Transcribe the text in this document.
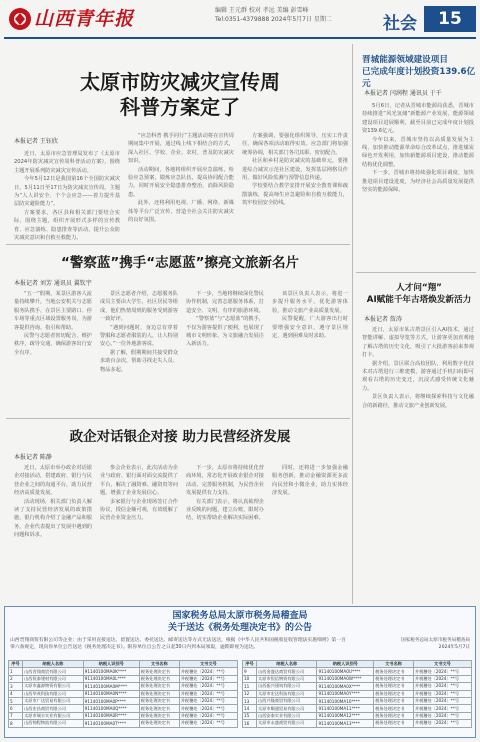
山西青年报	编辑 王元群 校对 孝远 美编 彭雪峰
Tel:0351-4379888 2024年5月7日 星期二	社会	15
太原市防灾减灾宣传周
科普方案定了
本报记者 王钰欣

近日，太原市应急管理局发布了《太原市2024年防灾减灾宣传周科普活动方案》，围绕主题开展系列防灾减灾宣传活动。

今年5月12日是我国第16个全国防灾减灾日，5月11日至17日为防灾减灾宣传周。主题为“人人讲安全、个个会应急——着力提升基层防灾避险能力”。

方案要求，各区县和相关部门要结合实际，围绕主题，组织开展形式多样的宣传教育、应急演练、隐患排查等活动，提升公众防灾减灾意识和自救互救能力。

“应急科普 携手同行”主题活动将在宣传周期间集中开展，通过线上线下相结合的方式，深入社区、学校、企业、农村，普及防灾减灾知识。

活动期间，各地将组织开展应急演练，检验应急预案，锻炼应急队伍，提高协同配合能力。同时开展安全隐患排查整治，消除风险隐患。

此外，还将利用电视、广播、网络、新媒体等平台广泛宣传，营造全社会关注防灾减灾的良好氛围。

方案强调，要强化组织领导，压实工作责任，确保各项活动取得实效。应急部门将加强统筹协调，相关部门各司其职、密切配合。

社区和乡村是防灾减灾的基础单元，要推进综合减灾示范社区建设，发挥基层网格员作用，做好风险监测与预警信息传递。

学校要结合教学安排开展安全教育课和疏散演练，提高师生应急避险和自救互救能力，筑牢校园安全防线。

晋城能源领域建设项目
已完成年度计划投资139.6亿元
本报记者 闫润程 通讯员 于千

5月6日，记者从晋城市能源局获悉，晋城市持续推进“风光氢储”新能源产业发展，能源领域建设项目进展顺利，截至目前已完成年度计划投资139.6亿元。

今年以来，晋城市坚持以高质量发展为主线，加快推动能源革命综合改革试点，推进煤炭绿色开发利用，加快新能源项目建设，推动能源结构优化调整。

下一步，晋城市将持续强化项目调度，加快推进项目建设进度，为经济社会高质量发展提供坚实的能源保障。

“警察蓝”携手“志愿蓝”擦亮文旅新名片
本报记者 刘芳 通讯员 翼钦宇

“五一”假期，某景区游客人流量持续攀升，当地公安机关与志愿服务队携手，在景区主要路口、停车场等重点区域设置服务岗，为游客提供咨询、指引和帮助。

民警与志愿者密切配合，维护秩序，疏导交通，确保游客出行安全有序。

景区志愿者介绍，志愿服务队成员主要由大学生、社区居民等组成，他们热情周到的服务受到游客一致好评。

“遇到问题时，身边总有穿着警服和志愿者服装的人，让人特别安心。”一位外地游客说。

据了解，假期期间共接受群众求助百余次，帮助寻找走失人员、物品多起。

下一步，当地将继续深化警民协作机制，完善志愿服务体系，打造安全、文明、有序的旅游环境。

“警察蓝”与“志愿蓝”的携手，不仅为游客提供了便利，也展现了城市文明形象，为文旅融合发展注入新活力。

该景区负责人表示，将进一步提升服务水平，优化游客体验，推动文旅产业高质量发展。

民警提醒，广大游客出行时要增强安全意识，遵守景区规定，遇到困难及时求助。

人才问“翔”
AI赋能千年古塔焕发新活力
本报记者 詹涛

近日，太原市某古塔景区引入AI技术，通过智能讲解、虚拟导览等方式，让游客更加直观地了解古塔的历史文化，吸引了大批游客前来参观打卡。

据介绍，景区联合高校团队，利用数字化技术对古塔进行三维建模，游客通过手机扫码即可观看古塔的历史变迁，沉浸式感受传统文化魅力。

景区负责人表示，将继续探索科技与文化融合的新路径，推动文旅产业创新发展。

政企对话银企对接 助力民营经济发展
本报记者 陈静

近日，太原市举办政企对话银企对接活动，搭建政府、银行与民营企业之间的沟通平台，助力民营经济高质量发展。

活动现场，相关部门负责人解读了支持民营经济发展的政策措施，银行机构介绍了金融产品和服务，企业代表提出了发展中遇到的问题和诉求。

参会企业表示，此次活动为企业与政府、银行面对面交流提供了平台，解决了融资难、融资贵等问题，增强了企业发展信心。

多家银行与企业现场签订合作协议，授信金额可观，有效缓解了民营企业资金压力。

下一步，太原市将持续优化营商环境，常态化开展政企银企对接活动，完善服务机制，为民营企业发展提供有力支持。

有关部门表示，将认真梳理企业反映的问题，建立台账，限时办结，切实帮助企业解决实际困难。

同时，还将进一步加强金融服务创新，推动金融资源更多流向民营和小微企业，助力实体经济发展。

国家税务总局太原市税务局稽查局
关于送达《税务处理决定书》的公告
山西晋翔商贸有限公司等企业：由于采用直接送达、留置送达、委托送达、邮寄送达等方式无法送达，根据《中华人民共和国税收征收管理法实施细则》第一百零六条规定，现向你单位公告送达《税务处理决定书》。限你单位自公告之日起30日内到本局领取，逾期即视为送达。
国家税务总局太原市税务局稽查局
2024年5月7日
序号	纳税人名称	纳税人识别号	文书名称	文书文号
1	山西晋翔商贸有限公司	91140100MA0K****	税务处理决定书	并税稽处〔2024〕**号
2	山西恒泰建材有限公司	91140100MA0L****	税务处理决定书	并税稽处〔2024〕**号
3	太原市鑫源物资有限公司	91140100MA0M****	税务处理决定书	并税稽处〔2024〕**号
4	山西华茂科技有限公司	91140100MA0N****	税务处理决定书	并税稽处〔2024〕**号
5	太原市广达贸易有限公司	91140100MA0P****	税务处理决定书	并税稽处〔2024〕**号
6	山西宏昌商贸有限公司	91140100MA0Q****	税务处理决定书	并税稽处〔2024〕**号
7	太原市瑞丰实业有限公司	91140100MA0R****	税务处理决定书	并税稽处〔2024〕**号
8	山西锦程物流有限公司	91140100MA0T****	税务处理决定书	并税稽处〔2024〕**号
序号	纳税人名称	纳税人识别号	文书名称	文书文号
9	山西金盛达商贸有限公司	91140100MA0U****	税务处理决定书	并税稽处〔2024〕**号
10	太原市恒信物资有限公司	91140100MA0W****	税务处理决定书	并税稽处〔2024〕**号
11	山西振兴建筑有限公司	91140100MA0X****	税务处理决定书	并税稽处〔2024〕**号
12	太原市宏达科技有限公司	91140100MA0Y****	税务处理决定书	并税稽处〔2024〕**号
13	山西兴隆商贸有限公司	91140100MA10****	税务处理决定书	并税稽处〔2024〕**号
14	太原市顺通贸易有限公司	91140100MA11****	税务处理决定书	并税稽处〔2024〕**号
15	山西安泰实业有限公司	91140100MA12****	税务处理决定书	并税稽处〔2024〕**号
16	太原市永盛商贸有限公司	91140100MA13****	税务处理决定书	并税稽处〔2024〕**号
